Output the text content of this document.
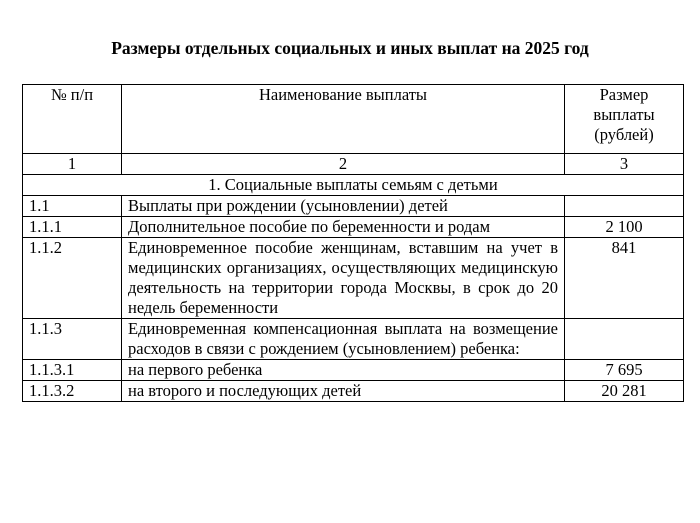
Размеры отдельных социальных и иных выплат на 2025 год
№ п/п	Наименование выплаты	Размер выплаты (рублей)
1	2	3
1. Социальные выплаты семьям с детьми		
1.1	Выплаты при рождении (усыновлении) детей	
1.1.1	Дополнительное пособие по беременности и родам	2 100
1.1.2	Единовременное пособие женщинам, вставшим на учет в медицинских организациях, осуществляющих медицинскую деятельность на территории города Москвы, в срок до 20 недель беременности	841
1.1.3	Единовременная компенсационная выплата на возмещение расходов в связи с рождением (усыновлением) ребенка:	
1.1.3.1	на первого ребенка	7 695
1.1.3.2	на второго и последующих детей	20 281
